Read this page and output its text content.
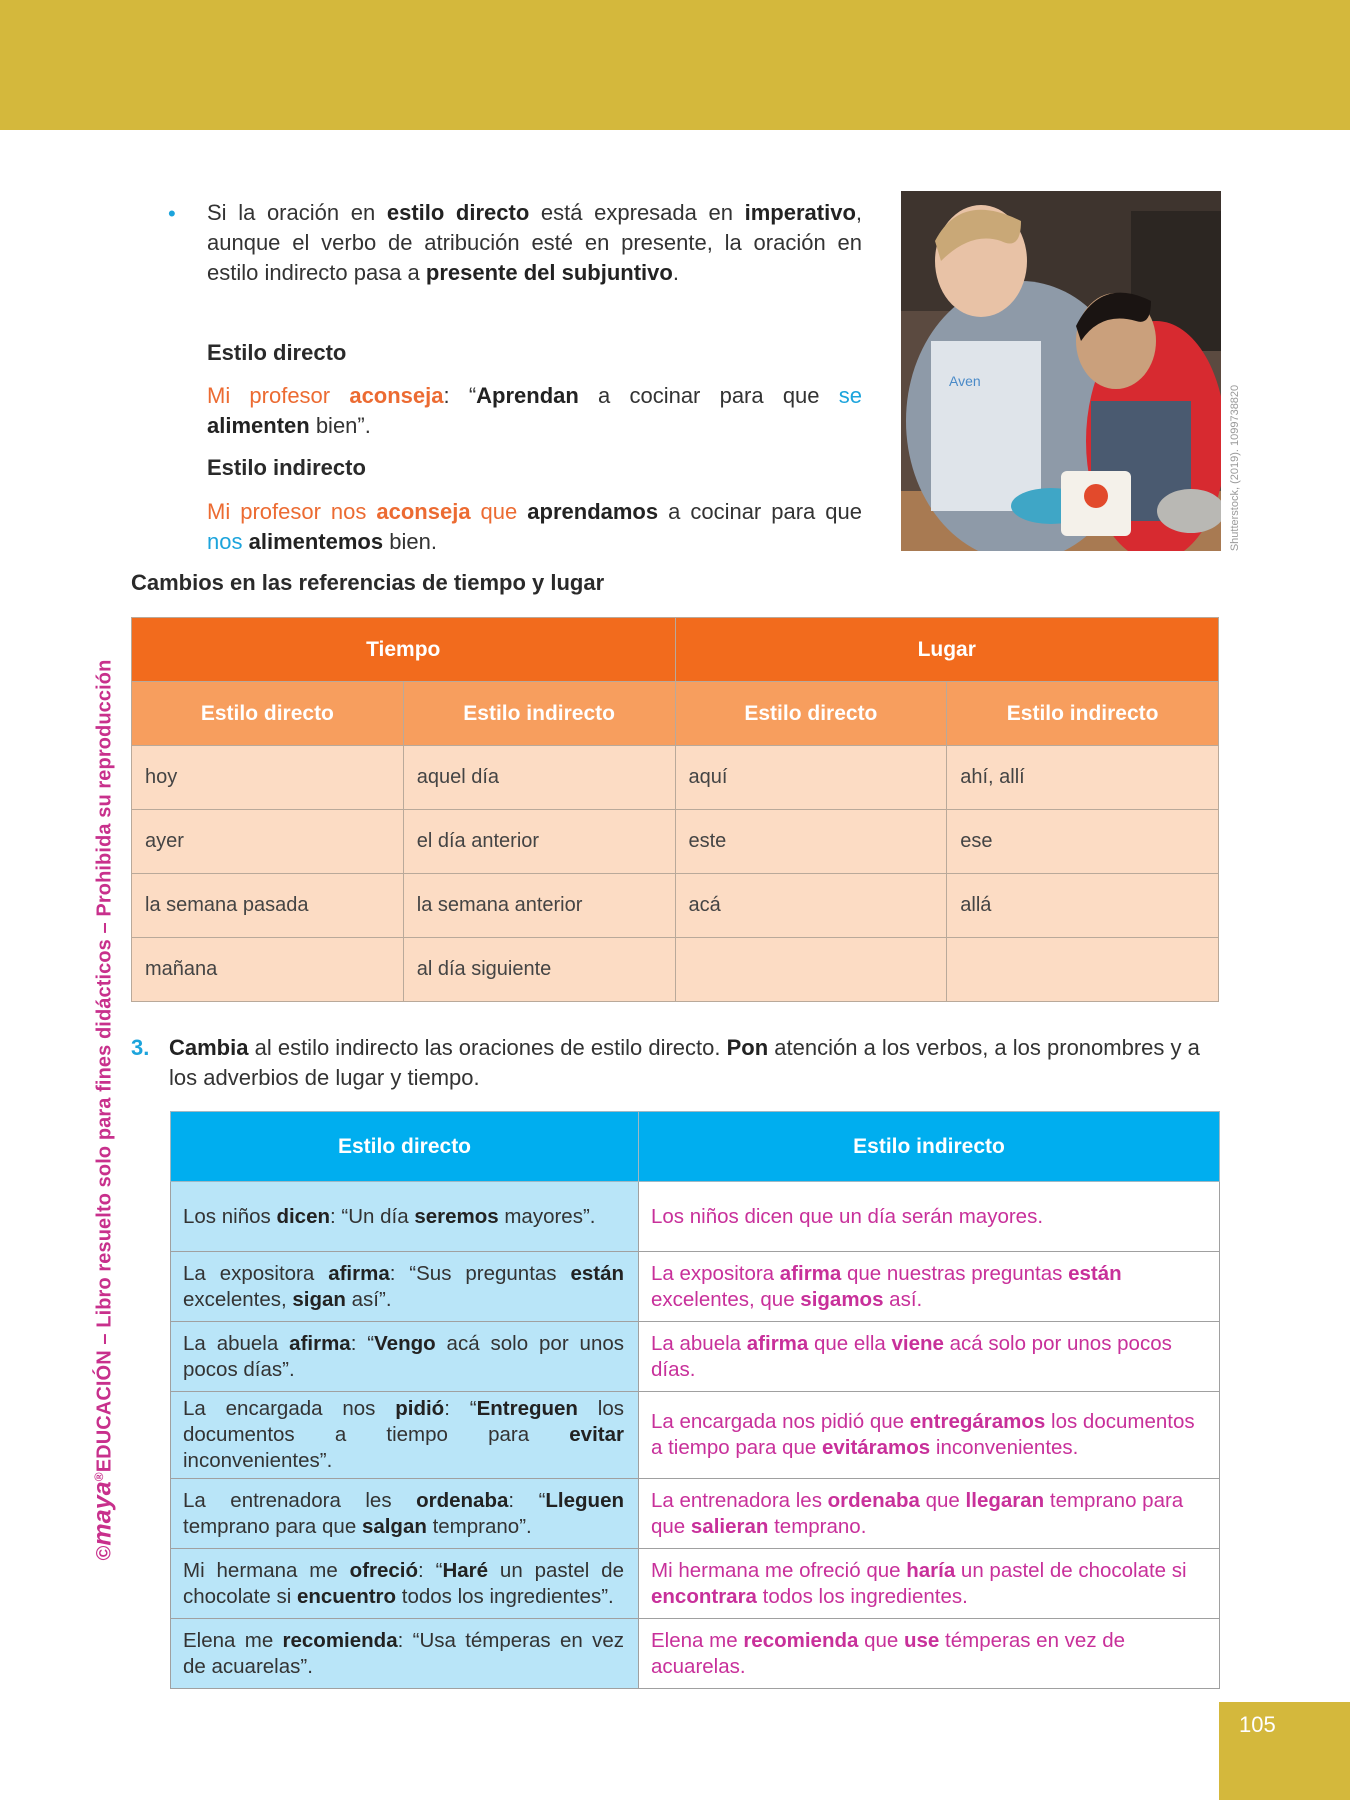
©maya®EDUCACIÓN – Libro resuelto solo para fines didácticos – Prohibida su reproducción
Aven
Shutterstock, (2019). 1099738820
• Si la oración en estilo directo está expresada en imperativo, aunque el verbo de atribución esté en presente, la oración en estilo indirecto pasa a presente del subjuntivo.

Estilo directo

Mi profesor aconseja: “Aprendan a cocinar para que se alimenten bien”.

Estilo indirecto

Mi profesor nos aconseja que aprendamos a cocinar para que nos alimentemos bien.

Cambios en las referencias de tiempo y lugar
Tiempo		Lugar	
Estilo directo	Estilo indirecto	Estilo directo	Estilo indirecto
hoy	aquel día	aquí	ahí, allí
ayer	el día anterior	este	ese
la semana pasada	la semana anterior	acá	allá
mañana	al día siguiente		
3. Cambia al estilo indirecto las oraciones de estilo directo. Pon atención a los verbos, a los pronombres y a los adverbios de lugar y tiempo.
Estilo directo	Estilo indirecto
Los niños dicen: “Un día seremos mayores”.	Los niños dicen que un día serán mayores.
La expositora afirma: “Sus preguntas están excelentes, sigan así”.	La expositora afirma que nuestras preguntas están excelentes, que sigamos así.
La abuela afirma: “Vengo acá solo por unos pocos días”.	La abuela afirma que ella viene acá solo por unos pocos días.
La encargada nos pidió: “Entreguen los documentos a tiempo para evitar inconvenientes”.	La encargada nos pidió que entregáramos los documentos a tiempo para que evitáramos inconvenientes.
La entrenadora les ordenaba: “Lleguen temprano para que salgan temprano”.	La entrenadora les ordenaba que llegaran temprano para que salieran temprano.
Mi hermana me ofreció: “Haré un pastel de chocolate si encuentro todos los ingredientes”.	Mi hermana me ofreció que haría un pastel de chocolate si encontrara todos los ingredientes.
Elena me recomienda: “Usa témperas en vez de acuarelas”.	Elena me recomienda que use témperas en vez de acuarelas.
105
